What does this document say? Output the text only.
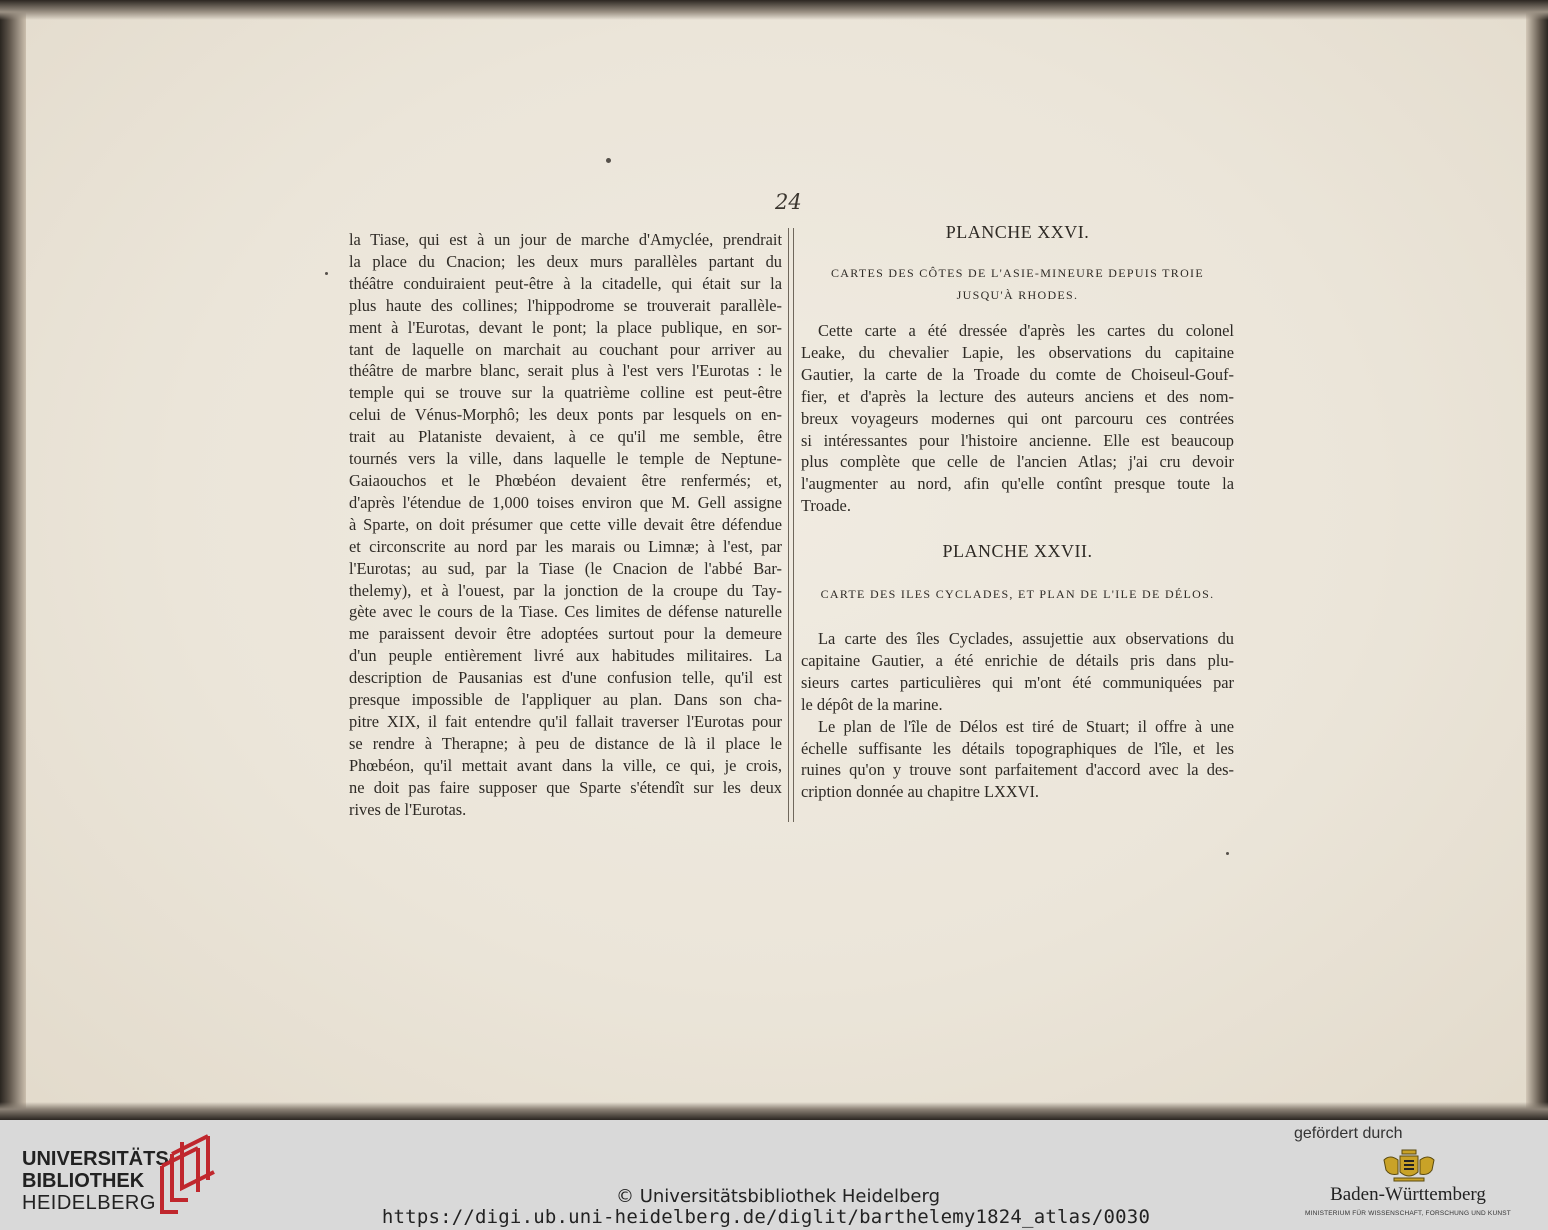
24
la Tiase, qui est à un jour de marche d'Amyclée, prendrait
la place du Cnacion; les deux murs parallèles partant du
théâtre conduiraient peut-être à la citadelle, qui était sur la
plus haute des collines; l'hippodrome se trouverait parallèle-
ment à l'Eurotas, devant le pont; la place publique, en sor-
tant de laquelle on marchait au couchant pour arriver au
théâtre de marbre blanc, serait plus à l'est vers l'Eurotas : le
temple qui se trouve sur la quatrième colline est peut-être
celui de Vénus-Morphô; les deux ponts par lesquels on en-
trait au Plataniste devaient, à ce qu'il me semble, être
tournés vers la ville, dans laquelle le temple de Neptune-
Gaiaouchos et le Phœbéon devaient être renfermés; et,
d'après l'étendue de 1,000 toises environ que M. Gell assigne
à Sparte, on doit présumer que cette ville devait être défendue
et circonscrite au nord par les marais ou Limnæ; à l'est, par
l'Eurotas; au sud, par la Tiase (le Cnacion de l'abbé Bar-
thelemy), et à l'ouest, par la jonction de la croupe du Tay-
gète avec le cours de la Tiase. Ces limites de défense naturelle
me paraissent devoir être adoptées surtout pour la demeure
d'un peuple entièrement livré aux habitudes militaires. La
description de Pausanias est d'une confusion telle, qu'il est
presque impossible de l'appliquer au plan. Dans son cha-
pitre XIX, il fait entendre qu'il fallait traverser l'Eurotas pour
se rendre à Therapne; à peu de distance de là il place le
Phœbéon, qu'il mettait avant dans la ville, ce qui, je crois,
ne doit pas faire supposer que Sparte s'étendît sur les deux
rives de l'Eurotas.
PLANCHE XXVI.
CARTES DES CÔTES DE L'ASIE-MINEURE DEPUIS TROIE
JUSQU'À RHODES.
Cette carte a été dressée d'après les cartes du colonel
Leake, du chevalier Lapie, les observations du capitaine
Gautier, la carte de la Troade du comte de Choiseul-Gouf-
fier, et d'après la lecture des auteurs anciens et des nom-
breux voyageurs modernes qui ont parcouru ces contrées
si intéressantes pour l'histoire ancienne. Elle est beaucoup
plus complète que celle de l'ancien Atlas; j'ai cru devoir
l'augmenter au nord, afin qu'elle contînt presque toute la
Troade.
PLANCHE XXVII.
CARTE DES ILES CYCLADES, ET PLAN DE L'ILE DE DÉLOS.
La carte des îles Cyclades, assujettie aux observations du
capitaine Gautier, a été enrichie de détails pris dans plu-
sieurs cartes particulières qui m'ont été communiquées par
le dépôt de la marine.
Le plan de l'île de Délos est tiré de Stuart; il offre à une
échelle suffisante les détails topographiques de l'île, et les
ruines qu'on y trouve sont parfaitement d'accord avec la des-
cription donnée au chapitre LXXVI.
UNIVERSITÄTS-
BIBLIOTHEK
HEIDELBERG	© Universitätsbibliothek Heidelberg
https://digi.ub.uni-heidelberg.de/diglit/barthelemy1824_atlas/0030
gefördert durch
Baden-Württemberg
MINISTERIUM FÜR WISSENSCHAFT, FORSCHUNG UND KUNST
